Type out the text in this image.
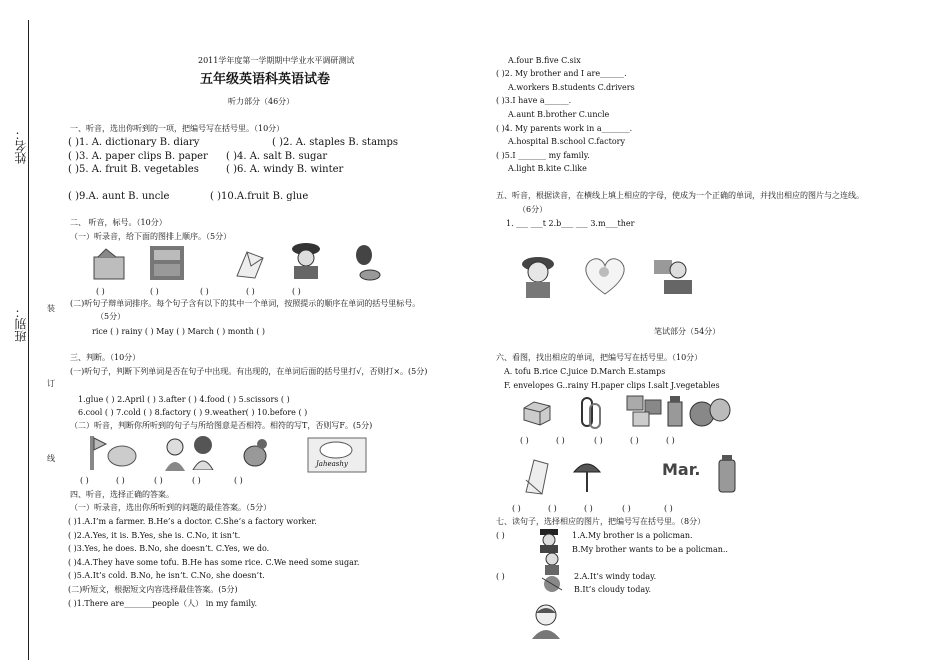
姓名：
班别： 装
订
线
2011学年度第一学期期中学业水平调研测试
五年级英语科英语试卷
听力部分（46分）
一、听音，选出你听到的一项，把编号写在括号里。（10分）
( )1. A. dictionary B. diary	( )2. A. staples B. stamps
( )3. A. paper clips B. paper ( )4. A. salt B. sugar
( )5. A. fruit B. vegetables	( )6. A. windy B. winter
( )9.A. aunt B. uncle	( )10.A.fruit B. glue
二、 听音，标号。（10分）
（一）听录音，给下面的图排上顺序。（5分）
( )	( )	( )	( )	( )
(二)听句子辩单词排序。每个句子含有以下的其中一个单词，按照提示的顺序在单词的括号里标号。
（5分）
rice ( ) rainy ( ) May ( ) March ( ) month ( )
三、判断。（10分）
(一)听句子，判断下列单词是否在句子中出现。有出现的，在单词后面的括号里打√，否则打×。(5分)
1.glue ( ) 2.April ( ) 3.after ( ) 4.food ( ) 5.scissors ( )
6.cool ( ) 7.cold ( ) 8.factory ( ) 9.weather( ) 10.before ( )
（二）听音，判断你所听到的句子与所给图意是否相符。相符的写T，否则写F。(5分)
Jaheashy
( )	( )	( )	( )	( )
四、听音，选择正确的答案。
（一）听录音，选出你所听到的问题的最佳答案。（5分）
( )1.A.I’m a farmer. B.He’s a doctor. C.She’s a factory worker.
( )2.A.Yes, it is. B.Yes, she is. C.No, it isn’t.
( )3.Yes, he does. B.No, she doesn’t. C.Yes, we do.
( )4.A.They have some tofu. B.He has some rice. C.We need some sugar.
( )5.A.It’s cold. B.No, he isn’t. C.No, she doesn’t.
(二)听短文，根据短文内容选择最佳答案。(5分)
( )1.There are_______people（人） in my family.
A.four B.five C.six
( )2. My brother and I are______.
A.workers B.students C.drivers
( )3.I have a______.
A.aunt B.brother C.uncle
( )4. My parents work in a_______.
A.hospital B.school C.factory
( )5.I _______ my family.
A.light B.kite C.like
五、听音，根据读音，在横线上填上相应的字母，使成为一个正确的单词，并找出相应的图片与之连线。
（6分）
1. ___ ___t 2.b___ ___ 3.m___ther
笔试部分（54分）
六、看图，找出相应的单词，把编号写在括号里。（10分）
A. tofu B.rice C.juice D.March E.stamps
F. envelopes G..rainy H.paper clips I.salt J.vegetables
( )	( )	( )	( )	( )
Mar.
( )	( )	( )	( )	( )
七、读句子，选择相应的图片，把编号写在括号里。（8分）
( )	1.A.My brother is a policman.
B.My brother wants to be a policman..
( )	2.A.It’s windy today.
B.It’s cloudy today.
